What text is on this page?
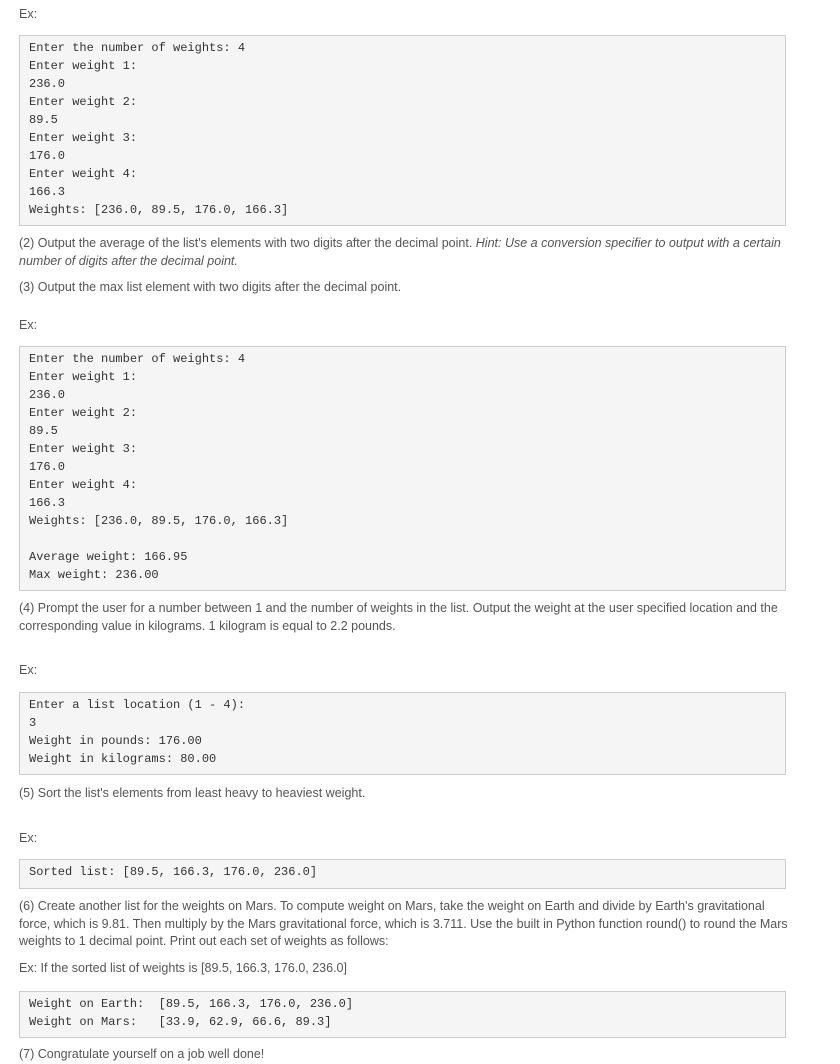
Ex:
Enter the number of weights: 4
Enter weight 1:
236.0
Enter weight 2:
89.5
Enter weight 3:
176.0
Enter weight 4:
166.3
Weights: [236.0, 89.5, 176.0, 166.3]
(2) Output the average of the list's elements with two digits after the decimal point. Hint: Use a conversion specifier to output with a certain number of digits after the decimal point.
(3) Output the max list element with two digits after the decimal point.
Ex:
Enter the number of weights: 4
Enter weight 1:
236.0
Enter weight 2:
89.5
Enter weight 3:
176.0
Enter weight 4:
166.3
Weights: [236.0, 89.5, 176.0, 166.3]
Average weight: 166.95
Max weight: 236.00
(4) Prompt the user for a number between 1 and the number of weights in the list. Output the weight at the user specified location and the corresponding value in kilograms. 1 kilogram is equal to 2.2 pounds.
Ex:
Enter a list location (1 - 4):
3
Weight in pounds: 176.00
Weight in kilograms: 80.00
(5) Sort the list's elements from least heavy to heaviest weight.
Ex:
Sorted list: [89.5, 166.3, 176.0, 236.0]
(6) Create another list for the weights on Mars. To compute weight on Mars, take the weight on Earth and divide by Earth's gravitational force, which is 9.81. Then multiply by the Mars gravitational force, which is 3.711. Use the built in Python function round() to round the Mars weights to 1 decimal point. Print out each set of weights as follows:
Ex: If the sorted list of weights is [89.5, 166.3, 176.0, 236.0]
Weight on Earth:  [89.5, 166.3, 176.0, 236.0]
Weight on Mars:   [33.9, 62.9, 66.6, 89.3]
(7) Congratulate yourself on a job well done!
